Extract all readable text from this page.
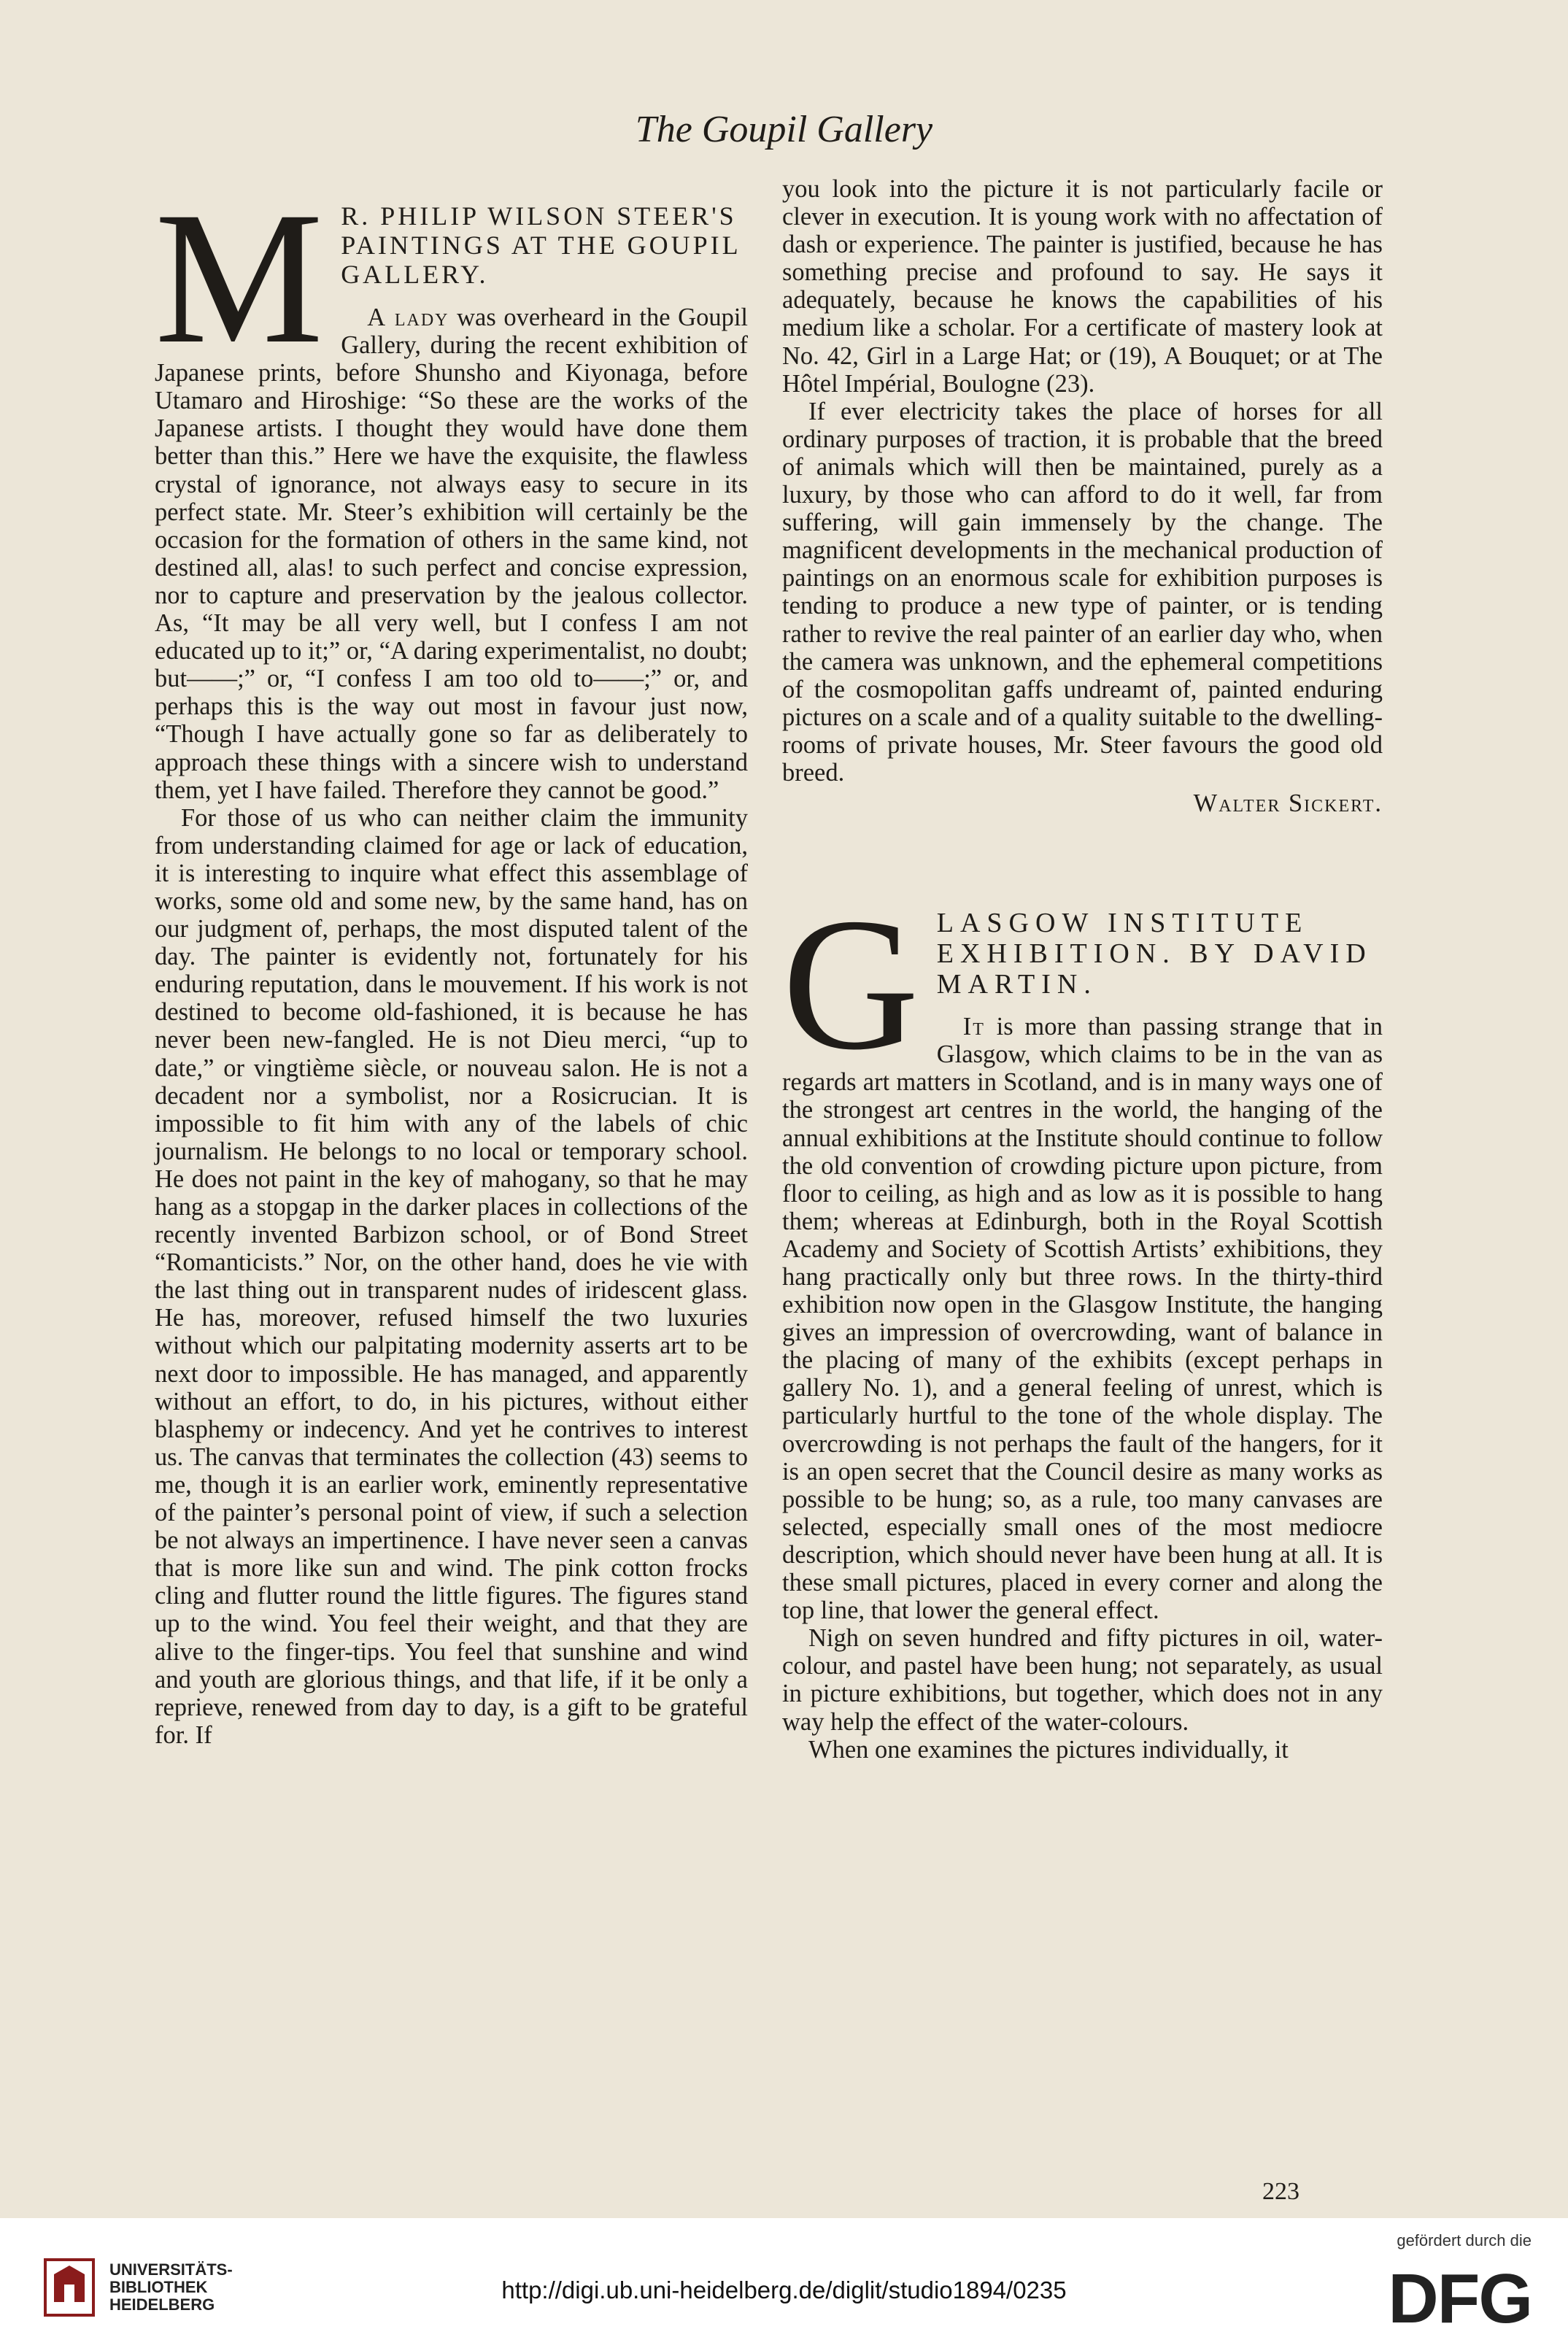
The Goupil Gallery
M R. PHILIP WILSON STEER'S PAINTINGS AT THE GOUPIL GALLERY.

A lady was overheard in the Goupil Gallery, during the recent exhibition of Japanese prints, before Shunsho and Kiyonaga, before Utamaro and Hiroshige: “So these are the works of the Japanese artists. I thought they would have done them better than this.” Here we have the exquisite, the flawless crystal of ignorance, not always easy to secure in its perfect state. Mr. Steer’s exhibition will certainly be the occasion for the formation of others in the same kind, not destined all, alas! to such perfect and concise expression, nor to capture and preservation by the jealous collector. As, “It may be all very well, but I confess I am not educated up to it;” or, “A daring experimentalist, no doubt; but——;” or, “I confess I am too old to——;” or, and perhaps this is the way out most in favour just now, “Though I have actually gone so far as deliberately to approach these things with a sincere wish to understand them, yet I have failed. Therefore they cannot be good.”

For those of us who can neither claim the immunity from understanding claimed for age or lack of education, it is interesting to inquire what effect this assemblage of works, some old and some new, by the same hand, has on our judgment of, perhaps, the most disputed talent of the day. The painter is evidently not, fortunately for his enduring reputation, dans le mouvement. If his work is not destined to become old-fashioned, it is because he has never been new-fangled. He is not Dieu merci, “up to date,” or vingtième siècle, or nouveau salon. He is not a decadent nor a symbolist, nor a Rosicrucian. It is impossible to fit him with any of the labels of chic journalism. He belongs to no local or temporary school. He does not paint in the key of mahogany, so that he may hang as a stopgap in the darker places in collections of the recently invented Barbizon school, or of Bond Street “Romanticists.” Nor, on the other hand, does he vie with the last thing out in transparent nudes of iridescent glass. He has, moreover, refused himself the two luxuries without which our palpitating modernity asserts art to be next door to impossible. He has managed, and apparently without an effort, to do, in his pictures, without either blasphemy or indecency. And yet he contrives to interest us. The canvas that terminates the collection (43) seems to me, though it is an earlier work, eminently representative of the painter’s personal point of view, if such a selection be not always an impertinence. I have never seen a canvas that is more like sun and wind. The pink cotton frocks cling and flutter round the little figures. The figures stand up to the wind. You feel their weight, and that they are alive to the finger-tips. You feel that sunshine and wind and youth are glorious things, and that life, if it be only a reprieve, renewed from day to day, is a gift to be grateful for. If

you look into the picture it is not particularly facile or clever in execution. It is young work with no affectation of dash or experience. The painter is justified, because he has something precise and profound to say. He says it adequately, because he knows the capabilities of his medium like a scholar. For a certificate of mastery look at No. 42, Girl in a Large Hat; or (19), A Bouquet; or at The Hôtel Impérial, Boulogne (23).

If ever electricity takes the place of horses for all ordinary purposes of traction, it is probable that the breed of animals which will then be maintained, purely as a luxury, by those who can afford to do it well, far from suffering, will gain immensely by the change. The magnificent developments in the mechanical production of paintings on an enormous scale for exhibition purposes is tending to produce a new type of painter, or is tending rather to revive the real painter of an earlier day who, when the camera was unknown, and the ephemeral competitions of the cosmopolitan gaffs undreamt of, painted enduring pictures on a scale and of a quality suitable to the dwelling-rooms of private houses, Mr. Steer favours the good old breed.

Walter Sickert.
G LASGOW INSTITUTE EXHIBITION. BY DAVID MARTIN.

It is more than passing strange that in Glasgow, which claims to be in the van as regards art matters in Scotland, and is in many ways one of the strongest art centres in the world, the hanging of the annual exhibitions at the Institute should continue to follow the old convention of crowding picture upon picture, from floor to ceiling, as high and as low as it is possible to hang them; whereas at Edinburgh, both in the Royal Scottish Academy and Society of Scottish Artists’ exhibitions, they hang practically only but three rows. In the thirty-third exhibition now open in the Glasgow Institute, the hanging gives an impression of overcrowding, want of balance in the placing of many of the exhibits (except perhaps in gallery No. 1), and a general feeling of unrest, which is particularly hurtful to the tone of the whole display. The overcrowding is not perhaps the fault of the hangers, for it is an open secret that the Council desire as many works as possible to be hung; so, as a rule, too many canvases are selected, especially small ones of the most mediocre description, which should never have been hung at all. It is these small pictures, placed in every corner and along the top line, that lower the general effect.

Nigh on seven hundred and fifty pictures in oil, water-colour, and pastel have been hung; not separately, as usual in picture exhibitions, but together, which does not in any way help the effect of the water-colours.

When one examines the pictures individually, it

223
UNIVERSITÄTS-
BIBLIOTHEK
HEIDELBERG
http://digi.ub.uni-heidelberg.de/diglit/studio1894/0235
gefördert durch die
DFG
